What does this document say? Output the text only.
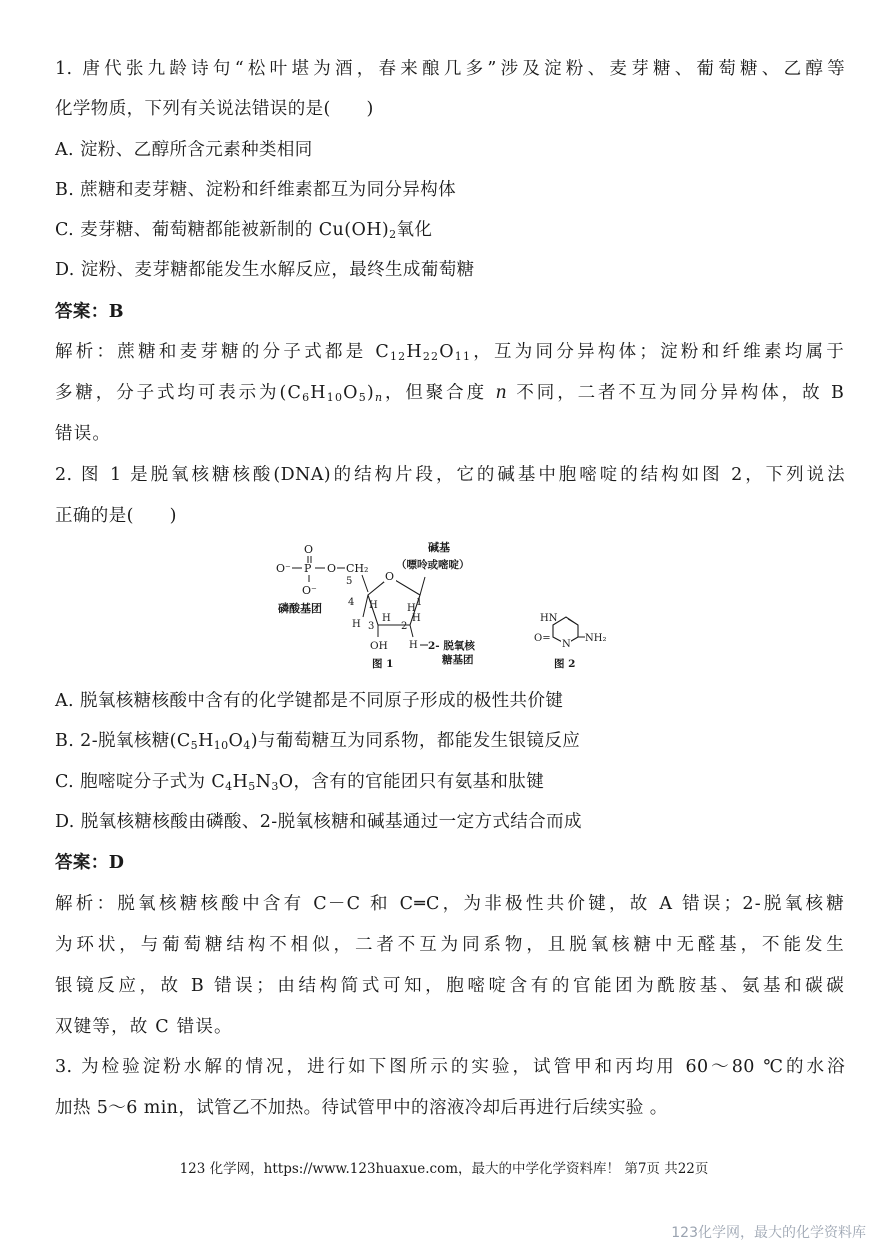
1. 唐代张九龄诗句“松叶堪为酒，春来酿几多”涉及淀粉、麦芽糖、葡萄糖、乙醇等
化学物质，下列有关说法错误的是(　　)
A. 淀粉、乙醇所含元素种类相同
B. 蔗糖和麦芽糖、淀粉和纤维素都互为同分异构体
C. 麦芽糖、葡萄糖都能被新制的 $Cu(OH)_2$氧化
D. 淀粉、麦芽糖都能发生水解反应，最终生成葡萄糖
答案：B
解析：蔗糖和麦芽糖的分子式都是 $C_{12}H_{22}O_{11}$，互为同分异构体；淀粉和纤维素均属于
多糖，分子式均可表示为$(C_6H_{10}O_5)_n$，但聚合度 n 不同，二者不互为同分异构体，故 B
错误。
2. 图 1 是脱氧核糖核酸(DNA)的结构片段，它的碱基中胞嘧啶的结构如图 2，下列说法
正确的是(　　)
O
O⁻ P O CH₂
O⁻
磷酸基团
碱基
（嘌呤或嘧啶）
5	O
4 H	1
H
H 3
H
2
H
OH H 2- 脱氧核
糖基团
图 1
HN
O=
N
NH₂
图 2
A. 脱氧核糖核酸中含有的化学键都是不同原子形成的极性共价键
B. 2-脱氧核糖$(C_5H_{10}O_4)$与葡萄糖互为同系物，都能发生银镜反应
C. 胞嘧啶分子式为 $C_4H_5N_3O$，含有的官能团只有氨基和肽键
D. 脱氧核糖核酸由磷酸、2-脱氧核糖和碱基通过一定方式结合而成
答案：D
解析：脱氧核糖核酸中含有 C－C 和 C═C，为非极性共价键，故 A 错误；2-脱氧核糖
为环状，与葡萄糖结构不相似，二者不互为同系物，且脱氧核糖中无醛基，不能发生
银镜反应，故 B 错误；由结构简式可知，胞嘧啶含有的官能团为酰胺基、氨基和碳碳
双键等，故 C 错误。
3. 为检验淀粉水解的情况，进行如下图所示的实验，试管甲和丙均用 60～80 ℃的水浴
加热 5～6 min，试管乙不加热。待试管甲中的溶液冷却后再进行后续实验 。
123 化学网，https://www.123huaxue.com，最大的中学化学资料库！ 第7页 共22页
123化学网，最大的化学资料库
